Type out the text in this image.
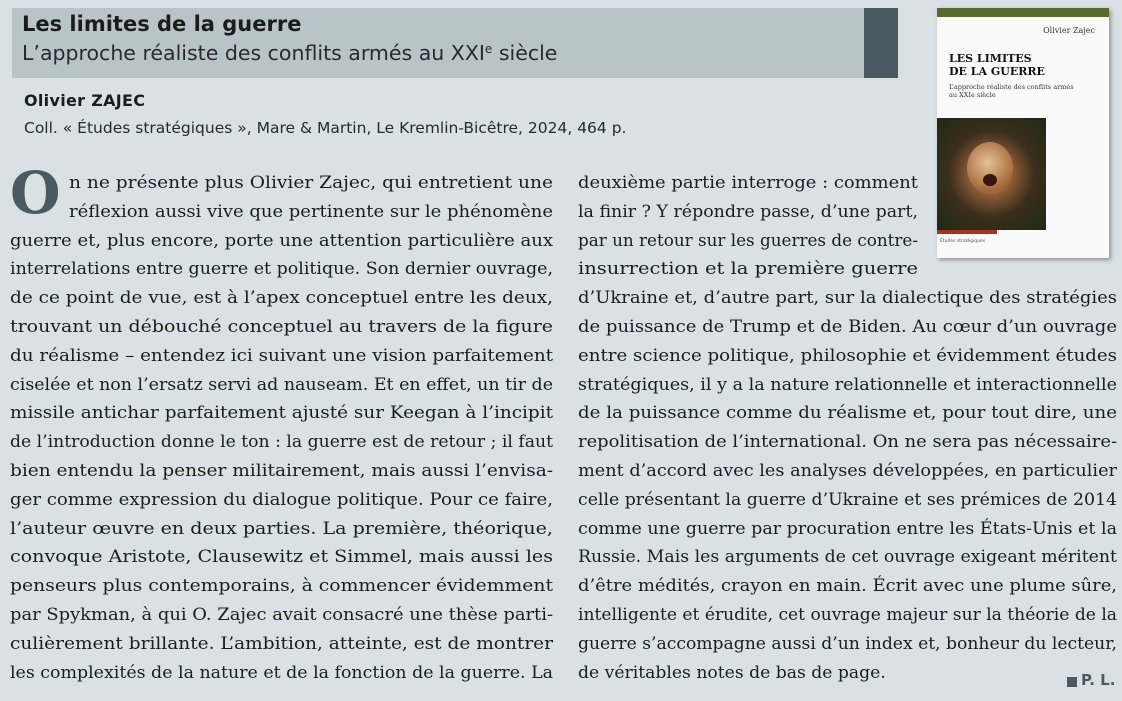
Les limites de la guerre
L’approche réaliste des conflits armés au XXIe siècle
Olivier ZAJEC
Coll. « Études stratégiques », Mare & Martin, Le Kremlin-Bicêtre, 2024, 464 p.
Olivier Zajec
LES LIMITES
DE LA GUERRE
L’approche réaliste des conflits armés
au XXIe siècle
Études stratégiques
O n ne présente plus Olivier Zajec, qui entretient une
réflexion aussi vive que pertinente sur le phénomène
guerre et, plus encore, porte une attention particulière aux
interrelations entre guerre et politique. Son dernier ouvrage,
de ce point de vue, est à l’apex conceptuel entre les deux,
trouvant un débouché conceptuel au travers de la figure
du réalisme – entendez ici suivant une vision parfaitement
ciselée et non l’ersatz servi ad nauseam. Et en effet, un tir de
missile antichar parfaitement ajusté sur Keegan à l’incipit
de l’introduction donne le ton : la guerre est de retour ; il faut
bien entendu la penser militairement, mais aussi l’envisa-
ger comme expression du dialogue politique. Pour ce faire,
l’auteur œuvre en deux parties. La première, théorique,
convoque Aristote, Clausewitz et Simmel, mais aussi les
penseurs plus contemporains, à commencer évidemment
par Spykman, à qui O. Zajec avait consacré une thèse parti-
culièrement brillante. L’ambition, atteinte, est de montrer
les complexités de la nature et de la fonction de la guerre. La
deuxième partie interroge : comment
la finir ? Y répondre passe, d’une part,
par un retour sur les guerres de contre-
insurrection et la première guerre
d’Ukraine et, d’autre part, sur la dialectique des stratégies
de puissance de Trump et de Biden. Au cœur d’un ouvrage
entre science politique, philosophie et évidemment études
stratégiques, il y a la nature relationnelle et interactionnelle
de la puissance comme du réalisme et, pour tout dire, une
repolitisation de l’international. On ne sera pas nécessaire-
ment d’accord avec les analyses développées, en particulier
celle présentant la guerre d’Ukraine et ses prémices de 2014
comme une guerre par procuration entre les États-Unis et la
Russie. Mais les arguments de cet ouvrage exigeant méritent
d’être médités, crayon en main. Écrit avec une plume sûre,
intelligente et érudite, cet ouvrage majeur sur la théorie de la
guerre s’accompagne aussi d’un index et, bonheur du lecteur,
de véritables notes de bas de page.	P. L.
